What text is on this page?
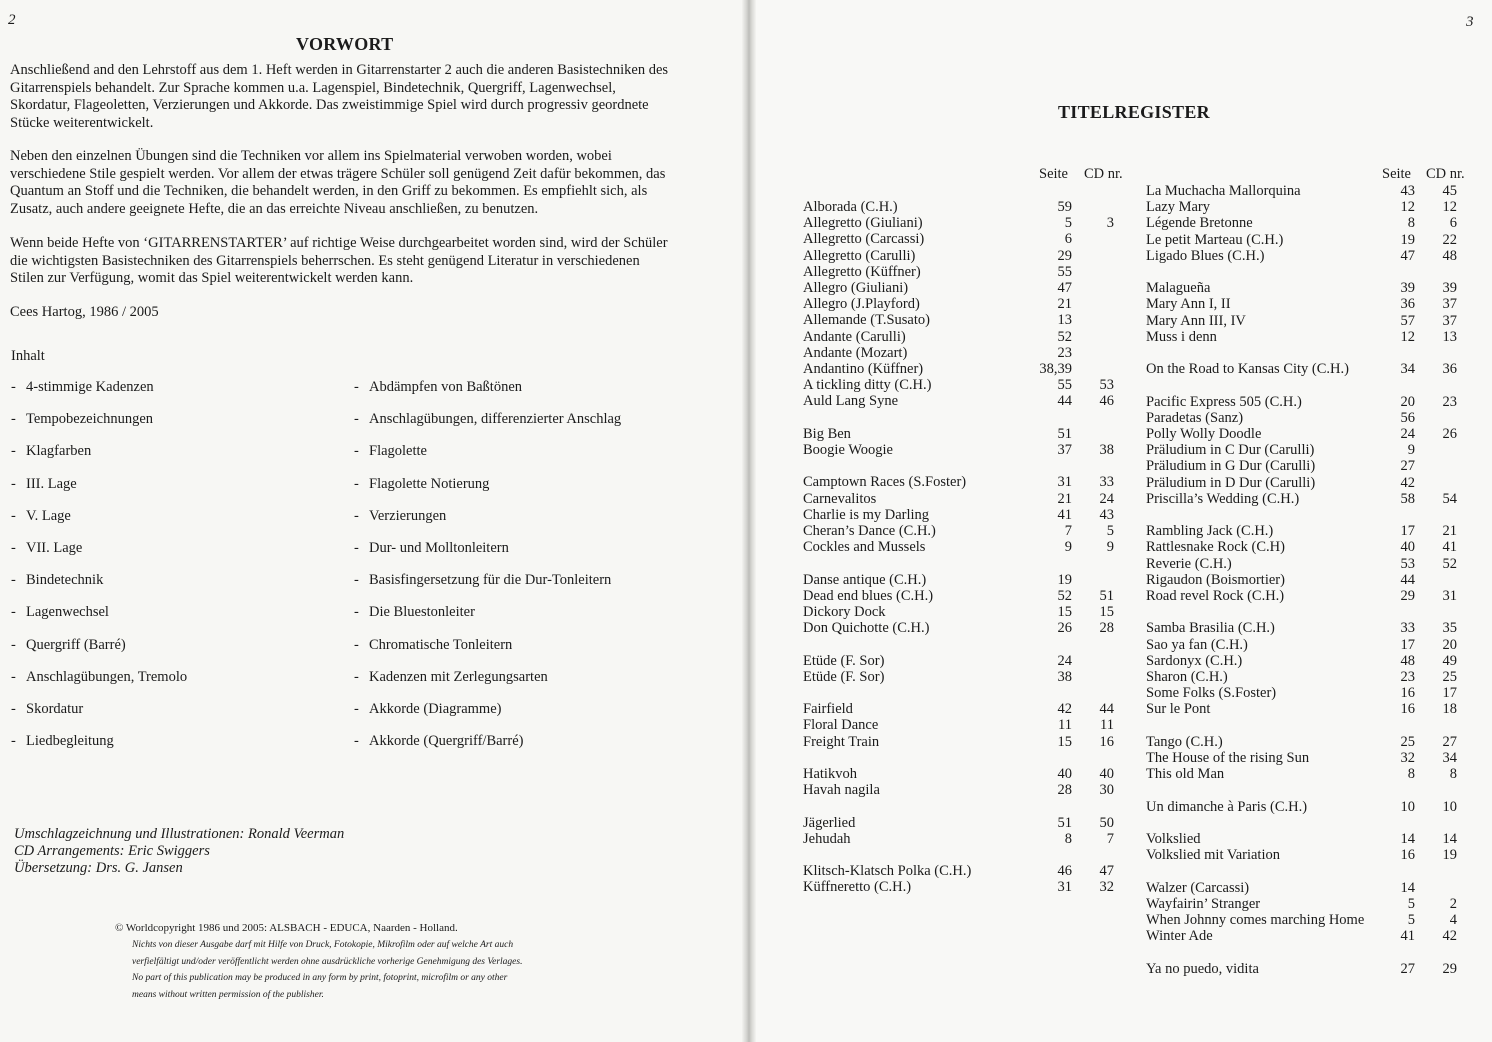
2
VORWORT

Anschließend and den Lehrstoff aus dem 1. Heft werden in Gitarrenstarter 2 auch die anderen Basistechniken des Gitarrenspiels behandelt. Zur Sprache kommen u.a. Lagenspiel, Bindetechnik, Quergriff, Lagenwechsel, Skordatur, Flageoletten, Verzierungen und Akkorde. Das zweistimmige Spiel wird durch progressiv geordnete Stücke weiterentwickelt.

Neben den einzelnen Übungen sind die Techniken vor allem ins Spielmaterial verwoben worden, wobei verschiedene Stile gespielt werden. Vor allem der etwas trägere Schüler soll genügend Zeit dafür bekommen, das Quantum an Stoff und die Techniken, die behandelt werden, in den Griff zu bekommen. Es empfiehlt sich, als Zusatz, auch andere geeignete Hefte, die an das erreichte Niveau anschließen, zu benutzen.

Wenn beide Hefte von ‘GITARRENSTARTER’ auf richtige Weise durchgearbeitet worden sind, wird der Schüler die wichtigsten Basistechniken des Gitarrenspiels beherrschen. Es steht genügend Literatur in verschiedenen Stilen zur Verfügung, womit das Spiel weiterentwickelt werden kann.

Cees Hartog, 1986 / 2005
Inhalt
- 4-stimmige Kadenzen
- Tempobezeichnungen
- Klagfarben
- III. Lage
- V. Lage
- VII. Lage
- Bindetechnik
- Lagenwechsel
- Quergriff (Barré)
- Anschlagübungen, Tremolo
- Skordatur
- Liedbegleitung
- Abdämpfen von Baßtönen
- Anschlagübungen, differenzierter Anschlag
- Flagolette
- Flagolette Notierung
- Verzierungen
- Dur- und Molltonleitern
- Basisfingersetzung für die Dur-Tonleitern
- Die Bluestonleiter
- Chromatische Tonleitern
- Kadenzen mit Zerlegungsarten
- Akkorde (Diagramme)
- Akkorde (Quergriff/Barré)
Umschlagzeichnung und Illustrationen: Ronald Veerman
CD Arrangements: Eric Swiggers
Übersetzung: Drs. G. Jansen
© Worldcopyright 1986 und 2005: ALSBACH - EDUCA, Naarden - Holland.
Nichts von dieser Ausgabe darf mit Hilfe von Druck, Fotokopie, Mikrofilm oder auf welche Art auch
verfielfältigt und/oder veröffentlicht werden ohne ausdrückliche vorherige Genehmigung des Verlages.
No part of this publication may be produced in any form by print, fotoprint, microfilm or any other
means without written permission of the publisher.
3
TITELREGISTER
Seite CD nr.	Seite CD nr.
Alborada (C.H.)	59
Allegretto (Giuliani)	5	3
Allegretto (Carcassi)	6
Allegretto (Carulli)	29
Allegretto (Küffner)	55
Allegro (Giuliani)	47
Allegro (J.Playford)	21
Allemande (T.Susato)	13
Andante (Carulli)	52
Andante (Mozart)	23
Andantino (Küffner)	38,39
A tickling ditty (C.H.)	55	53
Auld Lang Syne	44	46
Big Ben	51
Boogie Woogie	37	38
Camptown Races (S.Foster)	31	33
Carnevalitos	21	24
Charlie is my Darling	41	43
Cheran’s Dance (C.H.)	7	5
Cockles and Mussels	9	9
Danse antique (C.H.)	19
Dead end blues (C.H.)	52	51
Dickory Dock	15	15
Don Quichotte (C.H.)	26	28
Etüde (F. Sor)	24
Etüde (F. Sor)	38
Fairfield	42	44
Floral Dance	11	11
Freight Train	15	16
Hatikvoh	40	40
Havah nagila	28	30
Jägerlied	51	50
Jehudah	8	7
Klitsch-Klatsch Polka (C.H.)	46	47
Küffneretto (C.H.)	31	32
La Muchacha Mallorquina	43	45
Lazy Mary	12	12
Légende Bretonne	8	6
Le petit Marteau (C.H.)	19	22
Ligado Blues (C.H.)	47	48
Malagueña	39	39
Mary Ann I, II	36	37
Mary Ann III, IV	57	37
Muss i denn	12	13
On the Road to Kansas City (C.H.)	34	36
Pacific Express 505 (C.H.)	20	23
Paradetas (Sanz)	56
Polly Wolly Doodle	24	26
Präludium in C Dur (Carulli)	9
Präludium in G Dur (Carulli)	27
Präludium in D Dur (Carulli)	42
Priscilla’s Wedding (C.H.)	58	54
Rambling Jack (C.H.)	17	21
Rattlesnake Rock (C.H)	40	41
Reverie (C.H.)	53	52
Rigaudon (Boismortier)	44
Road revel Rock (C.H.)	29	31
Samba Brasilia (C.H.)	33	35
Sao ya fan (C.H.)	17	20
Sardonyx (C.H.)	48	49
Sharon (C.H.)	23	25
Some Folks (S.Foster)	16	17
Sur le Pont	16	18
Tango (C.H.)	25	27
The House of the rising Sun	32	34
This old Man	8	8
Un dimanche à Paris (C.H.)	10	10
Volkslied	14	14
Volkslied mit Variation	16	19
Walzer (Carcassi)	14
Wayfairin’ Stranger	5	2
When Johnny comes marching Home	5	4
Winter Ade	41	42
Ya no puedo, vidita	27	29
